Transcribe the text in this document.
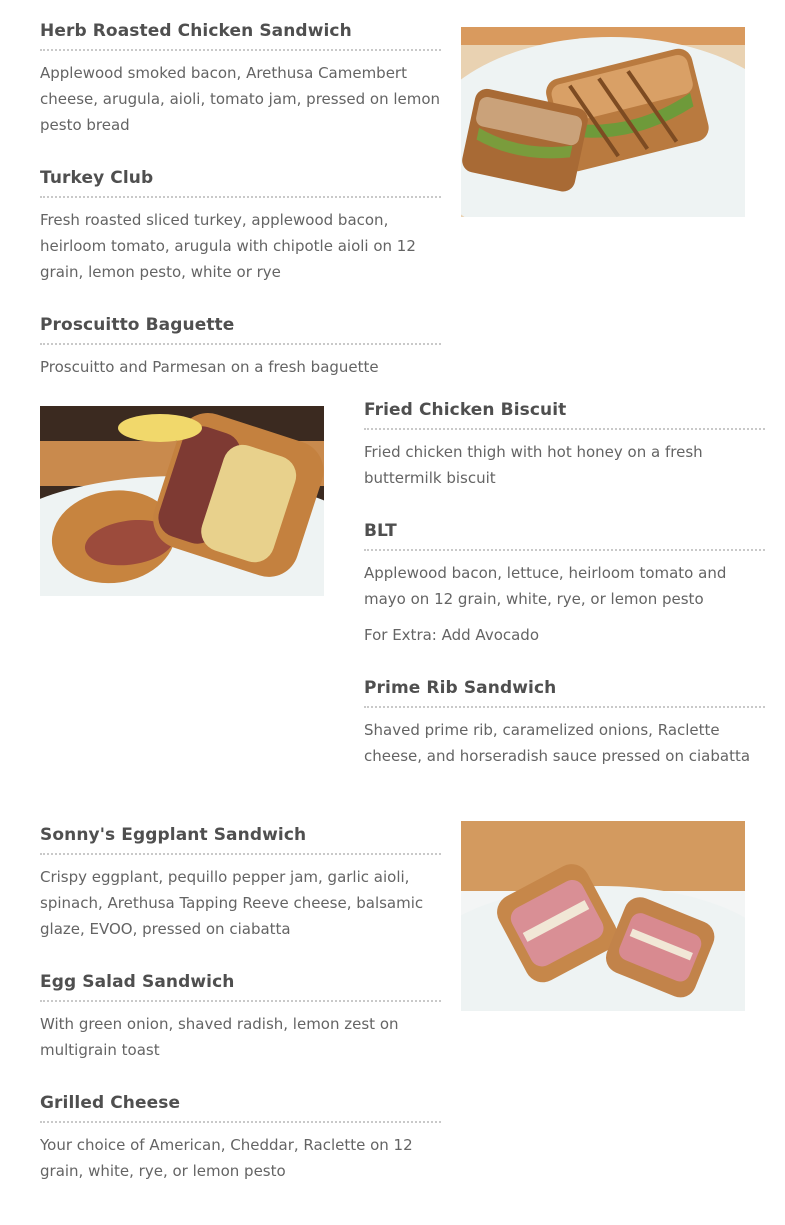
Herb Roasted Chicken Sandwich

Applewood smoked bacon, Arethusa Camembert cheese, arugula, aioli, tomato jam, pressed on lemon pesto bread

Turkey Club

Fresh roasted sliced turkey, applewood bacon, heirloom tomato, arugula with chipotle aioli on 12 grain, lemon pesto, white or rye

Proscuitto Baguette

Proscuitto and Parmesan on a fresh baguette

Fried Chicken Biscuit

Fried chicken thigh with hot honey on a fresh buttermilk biscuit

BLT

Applewood bacon, lettuce, heirloom tomato and mayo on 12 grain, white, rye, or lemon pesto

For Extra: Add Avocado

Prime Rib Sandwich

Shaved prime rib, caramelized onions, Raclette cheese, and horseradish sauce pressed on ciabatta

Sonny's Eggplant Sandwich

Crispy eggplant, pequillo pepper jam, garlic aioli, spinach, Arethusa Tapping Reeve cheese, balsamic glaze, EVOO, pressed on ciabatta

Egg Salad Sandwich

With green onion, shaved radish, lemon zest on multigrain toast

Grilled Cheese

Your choice of American, Cheddar, Raclette on 12 grain, white, rye, or lemon pesto
